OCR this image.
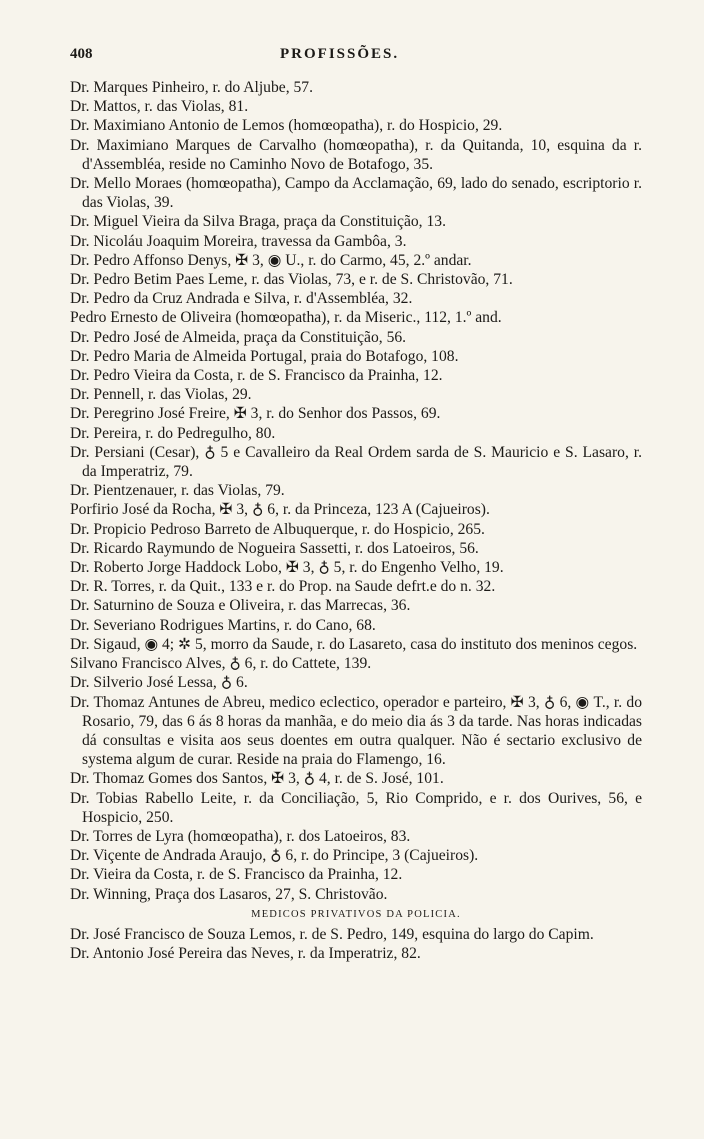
408	PROFISSÕES.
Dr. Marques Pinheiro, r. do Aljube, 57.
Dr. Mattos, r. das Violas, 81.
Dr. Maximiano Antonio de Lemos (homœopatha), r. do Hospicio, 29.
Dr. Maximiano Marques de Carvalho (homœopatha), r. da Quitanda, 10, esquina da r. d'Assembléa, reside no Caminho Novo de Botafogo, 35.
Dr. Mello Moraes (homœopatha), Campo da Acclamação, 69, lado do senado, escriptorio r. das Violas, 39.
Dr. Miguel Vieira da Silva Braga, praça da Constituição, 13.
Dr. Nicoláu Joaquim Moreira, travessa da Gambôa, 3.
Dr. Pedro Affonso Denys, ✠ 3, ◉ U., r. do Carmo, 45, 2.º andar.
Dr. Pedro Betim Paes Leme, r. das Violas, 73, e r. de S. Christovão, 71.
Dr. Pedro da Cruz Andrada e Silva, r. d'Assembléa, 32.
Pedro Ernesto de Oliveira (homœopatha), r. da Miseric., 112, 1.º and.
Dr. Pedro José de Almeida, praça da Constituição, 56.
Dr. Pedro Maria de Almeida Portugal, praia do Botafogo, 108.
Dr. Pedro Vieira da Costa, r. de S. Francisco da Prainha, 12.
Dr. Pennell, r. das Violas, 29.
Dr. Peregrino José Freire, ✠ 3, r. do Senhor dos Passos, 69.
Dr. Pereira, r. do Pedregulho, 80.
Dr. Persiani (Cesar), ♁ 5 e Cavalleiro da Real Ordem sarda de S. Mauricio e S. Lasaro, r. da Imperatriz, 79.
Dr. Pientzenauer, r. das Violas, 79.
Porfirio José da Rocha, ✠ 3, ♁ 6, r. da Princeza, 123 A (Cajueiros).
Dr. Propicio Pedroso Barreto de Albuquerque, r. do Hospicio, 265.
Dr. Ricardo Raymundo de Nogueira Sassetti, r. dos Latoeiros, 56.
Dr. Roberto Jorge Haddock Lobo, ✠ 3, ♁ 5, r. do Engenho Velho, 19.
Dr. R. Torres, r. da Quit., 133 e r. do Prop. na Saude defrt.e do n. 32.
Dr. Saturnino de Souza e Oliveira, r. das Marrecas, 36.
Dr. Severiano Rodrigues Martins, r. do Cano, 68.
Dr. Sigaud, ◉ 4; ✲ 5, morro da Saude, r. do Lasareto, casa do instituto dos meninos cegos.
Silvano Francisco Alves, ♁ 6, r. do Cattete, 139.
Dr. Silverio José Lessa, ♁ 6.
Dr. Thomaz Antunes de Abreu, medico eclectico, operador e parteiro, ✠ 3, ♁ 6, ◉ T., r. do Rosario, 79, das 6 ás 8 horas da manhãa, e do meio dia ás 3 da tarde. Nas horas indicadas dá consultas e visita aos seus doentes em outra qualquer. Não é sectario exclusivo de systema algum de curar. Reside na praia do Flamengo, 16.
Dr. Thomaz Gomes dos Santos, ✠ 3, ♁ 4, r. de S. José, 101.
Dr. Tobias Rabello Leite, r. da Conciliação, 5, Rio Comprido, e r. dos Ourives, 56, e Hospicio, 250.
Dr. Torres de Lyra (homœopatha), r. dos Latoeiros, 83.
Dr. Viçente de Andrada Araujo, ♁ 6, r. do Principe, 3 (Cajueiros).
Dr. Vieira da Costa, r. de S. Francisco da Prainha, 12.
Dr. Winning, Praça dos Lasaros, 27, S. Christovão.
MEDICOS PRIVATIVOS DA POLICIA.
Dr. José Francisco de Souza Lemos, r. de S. Pedro, 149, esquina do largo do Capim.
Dr. Antonio José Pereira das Neves, r. da Imperatriz, 82.
